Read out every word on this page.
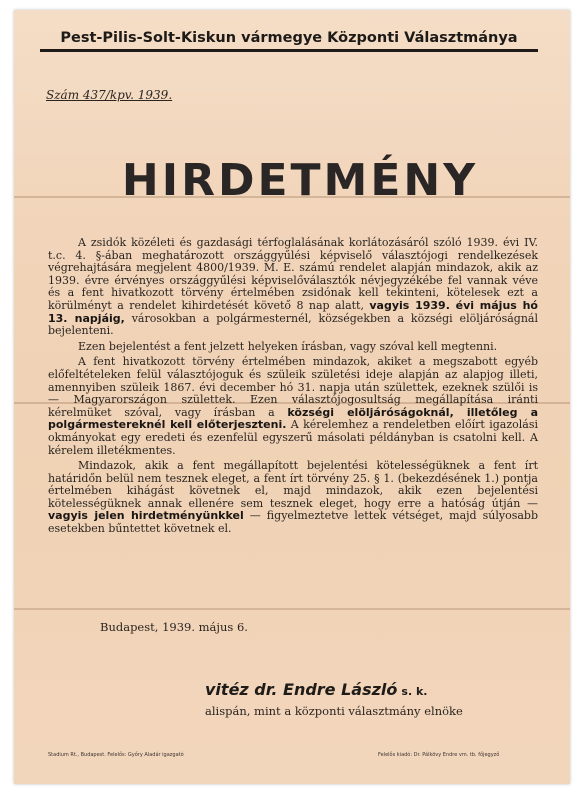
Pest-Pilis-Solt-Kiskun vármegye Központi Választmánya
Szám 437/kpv. 1939.
HIRDETMÉNY

A zsidók közéleti és gazdasági térfoglalásának korlátozásáról szóló 1939. évi IV. t.c. 4. §-ában meghatározott országgyűlési képviselő választójogi rendelkezések végrehajtására megjelent 4800/1939. M. E. számú rendelet alapján mindazok, akik az 1939. évre érvényes országgyűlési képviselőválasztók névjegyzékébe fel vannak véve és a fent hivatkozott törvény értelmében zsidónak kell tekinteni, kötelesek ezt a körülményt a rendelet kihirdetését követő 8 nap alatt, vagyis 1939. évi május hó 13. napjáig, városokban a polgármesternél, községekben a községi elöljáróságnál bejelenteni.

Ezen bejelentést a fent jelzett helyeken írásban, vagy szóval kell megtenni.

A fent hivatkozott törvény értelmében mindazok, akiket a megszabott egyéb előfeltételeken felül választójoguk és szüleik születési ideje alapján az alapjog illeti, amennyiben szüleik 1867. évi december hó 31. napja után születtek, ezeknek szülői is — Magyarországon születtek. Ezen választójogosultság megállapítása iránti kérelmüket szóval, vagy írásban a községi elöljáróságoknál, illetőleg a polgármestereknél kell előterjeszteni. A kérelemhez a rendeletben előírt igazolási okmányokat egy eredeti és ezenfelül egyszerű másolati példányban is csatolni kell. A kérelem illetékmentes.

Mindazok, akik a fent megállapított bejelentési kötelességüknek a fent írt határidőn belül nem tesznek eleget, a fent írt törvény 25. § 1. (bekezdésének 1.) pontja értelmében kihágást követnek el, majd mindazok, akik ezen bejelentési kötelességüknek annak ellenére sem tesznek eleget, hogy erre a hatóság útján — vagyis jelen hirdetményünkkel — figyelmeztetve lettek vétséget, majd súlyosabb esetekben bűntettet követnek el.

Budapest, 1939. május 6.
vitéz dr. Endre László s. k.
alispán, mint a központi választmány elnöke
Stadium Rt., Budapest. Felelős: Győry Aladár igazgató	Felelős kiadó: Dr. Pálkövy Endre vm. tb. főjegyző
